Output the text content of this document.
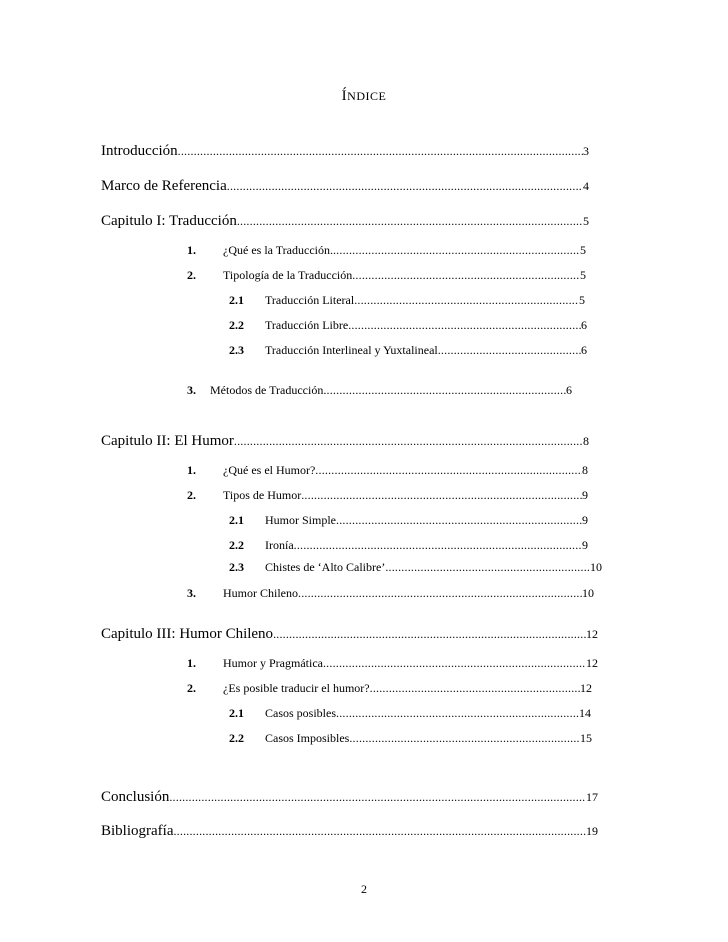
ÍNDICE
Introducción .....	3
Marco de Referencia .....	4
Capitulo I: Traducción .....	5
1. ¿Qué es la Traducción. .....	5
2. Tipología de la Traducción .....	5
2.1 Traducción Literal .....	5
2.2 Traducción Libre .....	6
2.3 Traducción Interlineal y Yuxtalineal .....	6
3. Métodos de Traducción .....	6
Capitulo II: El Humor .....	8
1. ¿Qué es el Humor? .....	8
2. Tipos de Humor .....	9
2.1 Humor Simple .....	9
2.2 Ironía .....	9
2.3 Chistes de ‘Alto Calibre’ .....	10
3. Humor Chileno .....	10
Capitulo III: Humor Chileno .....	12
1. Humor y Pragmática .....	12
2. ¿Es posible traducir el humor? .....	12
2.1 Casos posibles .....	14
2.2 Casos Imposibles .....	15
Conclusión .....	17
Bibliografía .....	19
2
